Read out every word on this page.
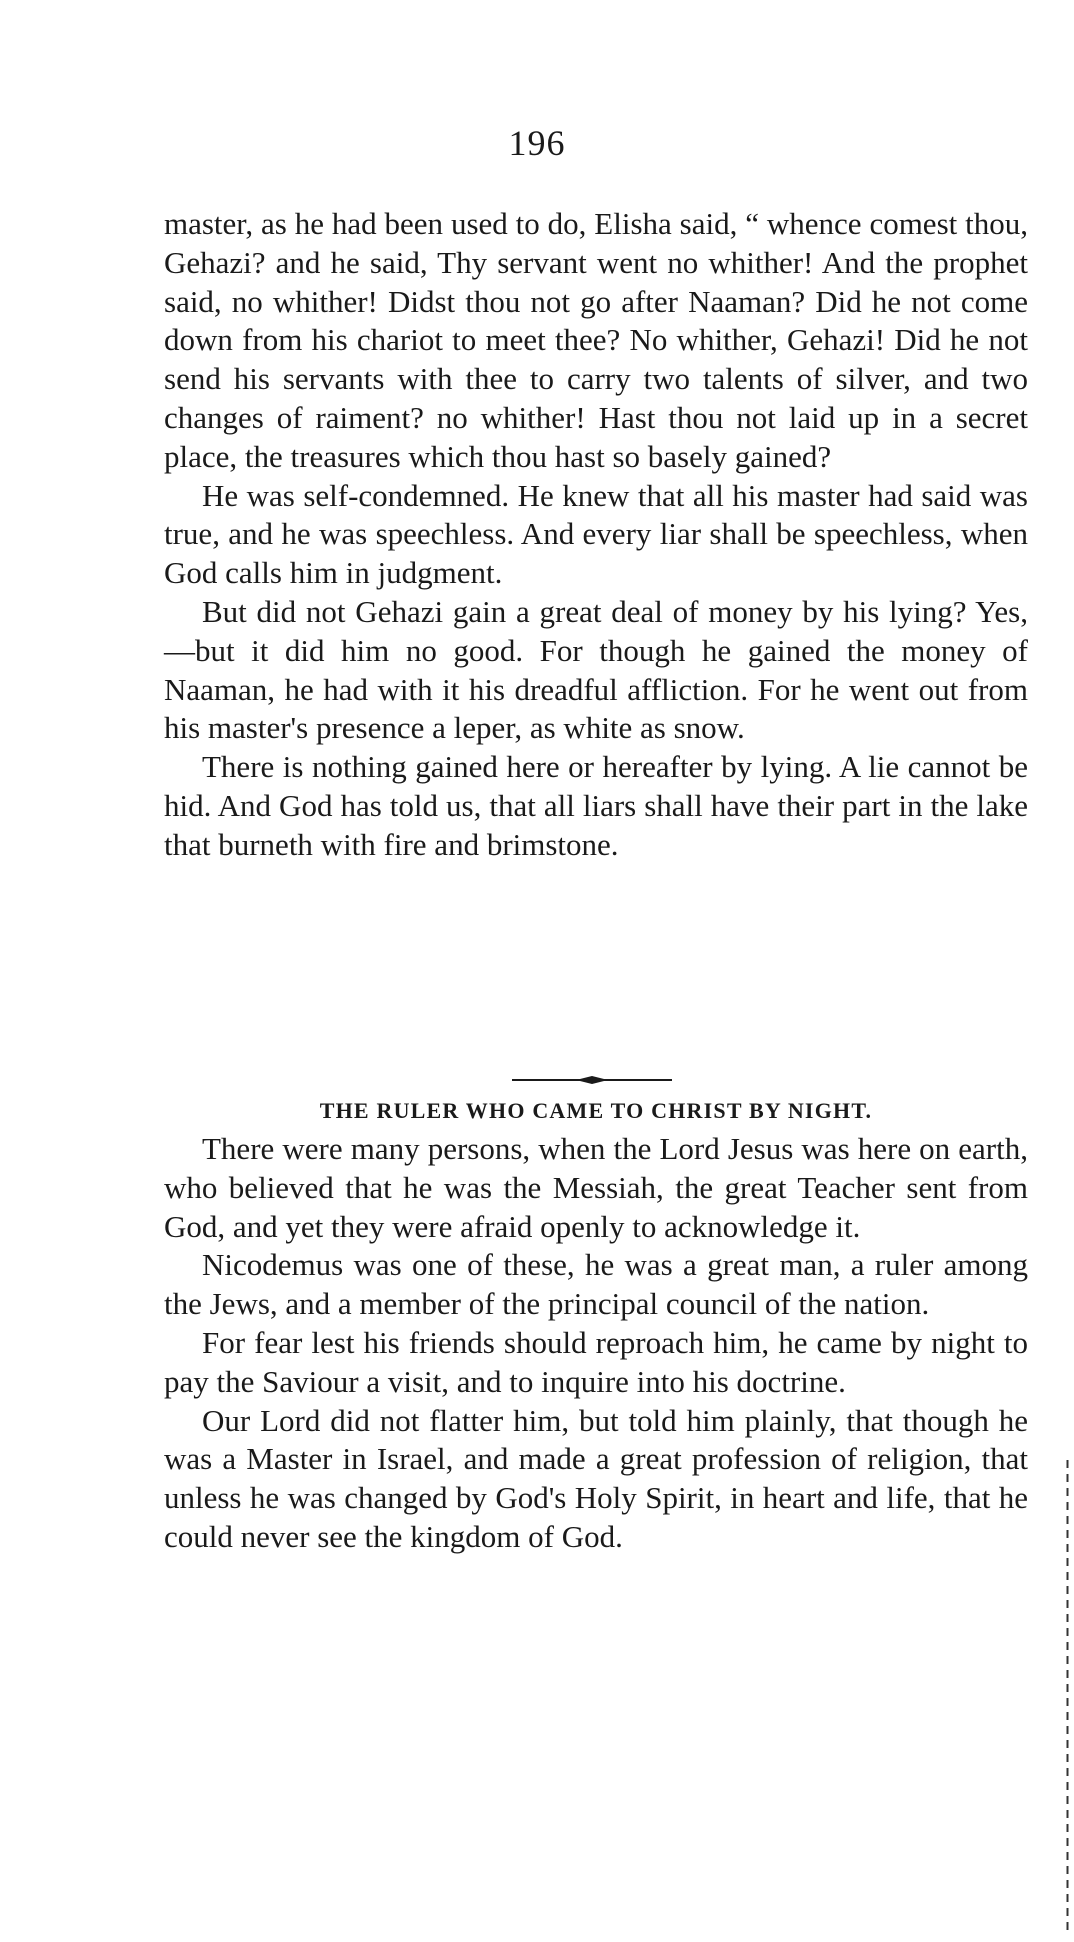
196

master, as he had been used to do, Elisha said, “ whence comest thou, Gehazi? and he said, Thy servant went no whither! And the prophet said, no whither! Didst thou not go after Naaman? Did he not come down from his chariot to meet thee? No whither, Gehazi! Did he not send his servants with thee to carry two talents of silver, and two changes of raiment? no whither! Hast thou not laid up in a secret place, the treasures which thou hast so basely gained?

He was self-condemned. He knew that all his master had said was true, and he was speechless. And every liar shall be speechless, when God calls him in judgment.

But did not Gehazi gain a great deal of money by his lying? Yes,—but it did him no good. For though he gained the money of Naaman, he had with it his dreadful affliction. For he went out from his master's presence a leper, as white as snow.

There is nothing gained here or hereafter by lying. A lie cannot be hid. And God has told us, that all liars shall have their part in the lake that burneth with fire and brimstone.

THE RULER WHO CAME TO CHRIST BY NIGHT.

There were many persons, when the Lord Jesus was here on earth, who believed that he was the Messiah, the great Teacher sent from God, and yet they were afraid openly to acknowledge it.

Nicodemus was one of these, he was a great man, a ruler among the Jews, and a member of the principal council of the nation.

For fear lest his friends should reproach him, he came by night to pay the Saviour a visit, and to inquire into his doctrine.

Our Lord did not flatter him, but told him plainly, that though he was a Master in Israel, and made a great profession of religion, that unless he was changed by God's Holy Spirit, in heart and life, that he could never see the kingdom of God.
